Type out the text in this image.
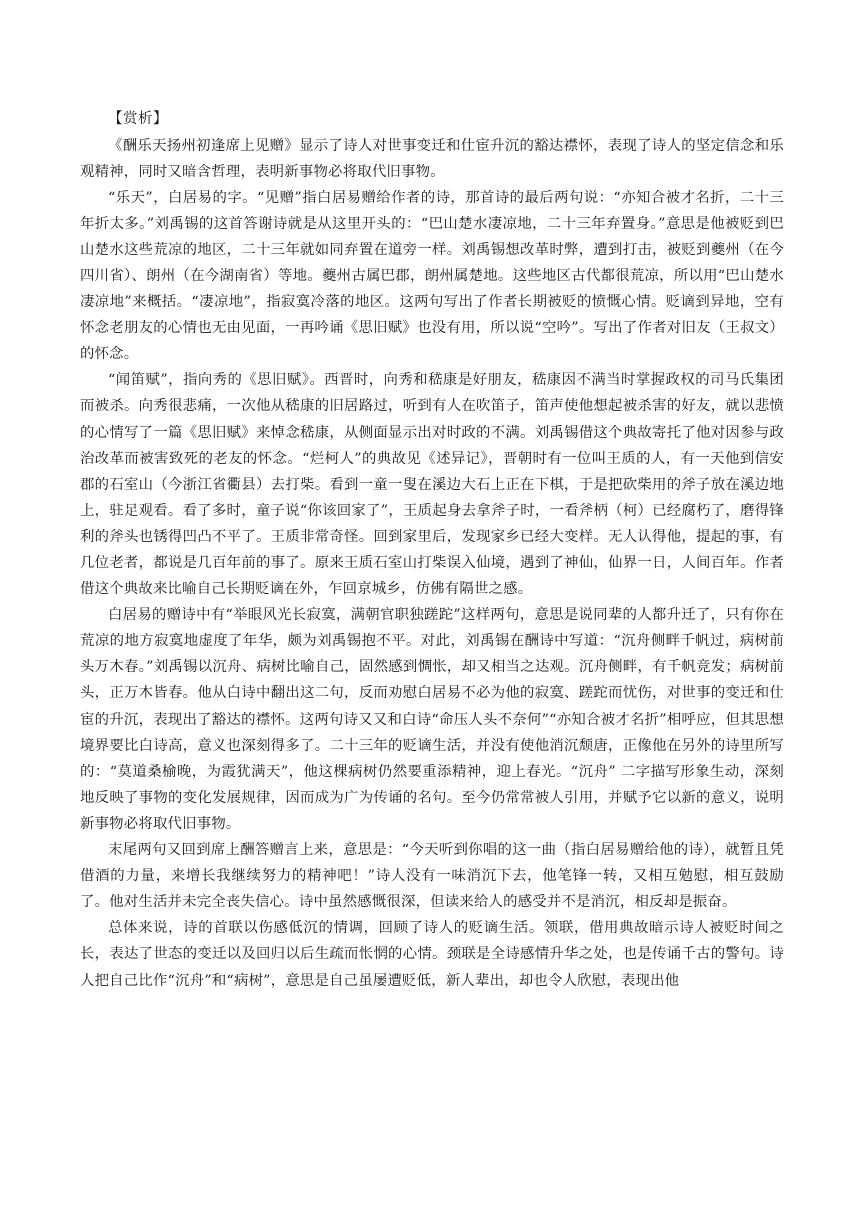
【赏析】

《酬乐天扬州初逢席上见赠》显示了诗人对世事变迁和仕宦升沉的豁达襟怀，表现了诗人的坚定信念和乐观精神，同时又暗含哲理，表明新事物必将取代旧事物。

“乐天”，白居易的字。“见赠”指白居易赠给作者的诗，那首诗的最后两句说：“亦知合被才名折，二十三年折太多。”刘禹锡的这首答谢诗就是从这里开头的：“巴山楚水凄凉地，二十三年弃置身。”意思是他被贬到巴山楚水这些荒凉的地区，二十三年就如同弃置在道旁一样。刘禹锡想改革时弊，遭到打击，被贬到夔州（在今四川省）、朗州（在今湖南省）等地。夔州古属巴郡，朗州属楚地。这些地区古代都很荒凉，所以用“巴山楚水凄凉地”来概括。“凄凉地”，指寂寞冷落的地区。这两句写出了作者长期被贬的愤慨心情。贬谪到异地，空有怀念老朋友的心情也无由见面，一再吟诵《思旧赋》也没有用，所以说“空吟”。写出了作者对旧友（王叔文）的怀念。

“闻笛赋”，指向秀的《思旧赋》。西晋时，向秀和嵇康是好朋友，嵇康因不满当时掌握政权的司马氏集团而被杀。向秀很悲痛，一次他从嵇康的旧居路过，听到有人在吹笛子，笛声使他想起被杀害的好友，就以悲愤的心情写了一篇《思旧赋》来悼念嵇康，从侧面显示出对时政的不满。刘禹锡借这个典故寄托了他对因参与政治改革而被害致死的老友的怀念。“烂柯人”的典故见《述异记》，晋朝时有一位叫王质的人，有一天他到信安郡的石室山（今浙江省衢县）去打柴。看到一童一叟在溪边大石上正在下棋，于是把砍柴用的斧子放在溪边地上，驻足观看。看了多时，童子说“你该回家了”，王质起身去拿斧子时，一看斧柄（柯）已经腐朽了，磨得锋利的斧头也锈得凹凸不平了。王质非常奇怪。回到家里后，发现家乡已经大变样。无人认得他，提起的事，有几位老者，都说是几百年前的事了。原来王质石室山打柴误入仙境，遇到了神仙，仙界一日，人间百年。作者借这个典故来比喻自己长期贬谪在外，乍回京城乡，仿佛有隔世之感。

白居易的赠诗中有“举眼风光长寂寞，满朝官职独蹉跎”这样两句，意思是说同辈的人都升迁了，只有你在荒凉的地方寂寞地虚度了年华，颇为刘禹锡抱不平。对此，刘禹锡在酬诗中写道：“沉舟侧畔千帆过，病树前头万木春。”刘禹锡以沉舟、病树比喻自己，固然感到惆怅，却又相当之达观。沉舟侧畔，有千帆竞发；病树前头，正万木皆春。他从白诗中翻出这二句，反而劝慰白居易不必为他的寂寞、蹉跎而忧伤，对世事的变迁和仕宦的升沉，表现出了豁达的襟怀。这两句诗又又和白诗“命压人头不奈何”“亦知合被才名折”相呼应，但其思想境界要比白诗高，意义也深刻得多了。二十三年的贬谪生活，并没有使他消沉颓唐，正像他在另外的诗里所写的：“莫道桑榆晚，为霞犹满天”，他这棵病树仍然要重添精神，迎上春光。“沉舟” 二字描写形象生动，深刻地反映了事物的变化发展规律，因而成为广为传诵的名句。至今仍常常被人引用，并赋予它以新的意义，说明新事物必将取代旧事物。

末尾两句又回到席上酬答赠言上来，意思是：“今天听到你唱的这一曲（指白居易赠给他的诗），就暂且凭借酒的力量，来增长我继续努力的精神吧！”诗人没有一味消沉下去，他笔锋一转，又相互勉慰，相互鼓励了。他对生活并未完全丧失信心。诗中虽然感慨很深，但读来给人的感受并不是消沉，相反却是振奋。

总体来说，诗的首联以伤感低沉的情调，回顾了诗人的贬谪生活。领联，借用典故暗示诗人被贬时间之长，表达了世态的变迁以及回归以后生疏而怅惘的心情。颈联是全诗感情升华之处，也是传诵千古的警句。诗人把自己比作“沉舟”和“病树”，意思是自己虽屡遭贬低，新人辈出，却也令人欣慰，表现出他
